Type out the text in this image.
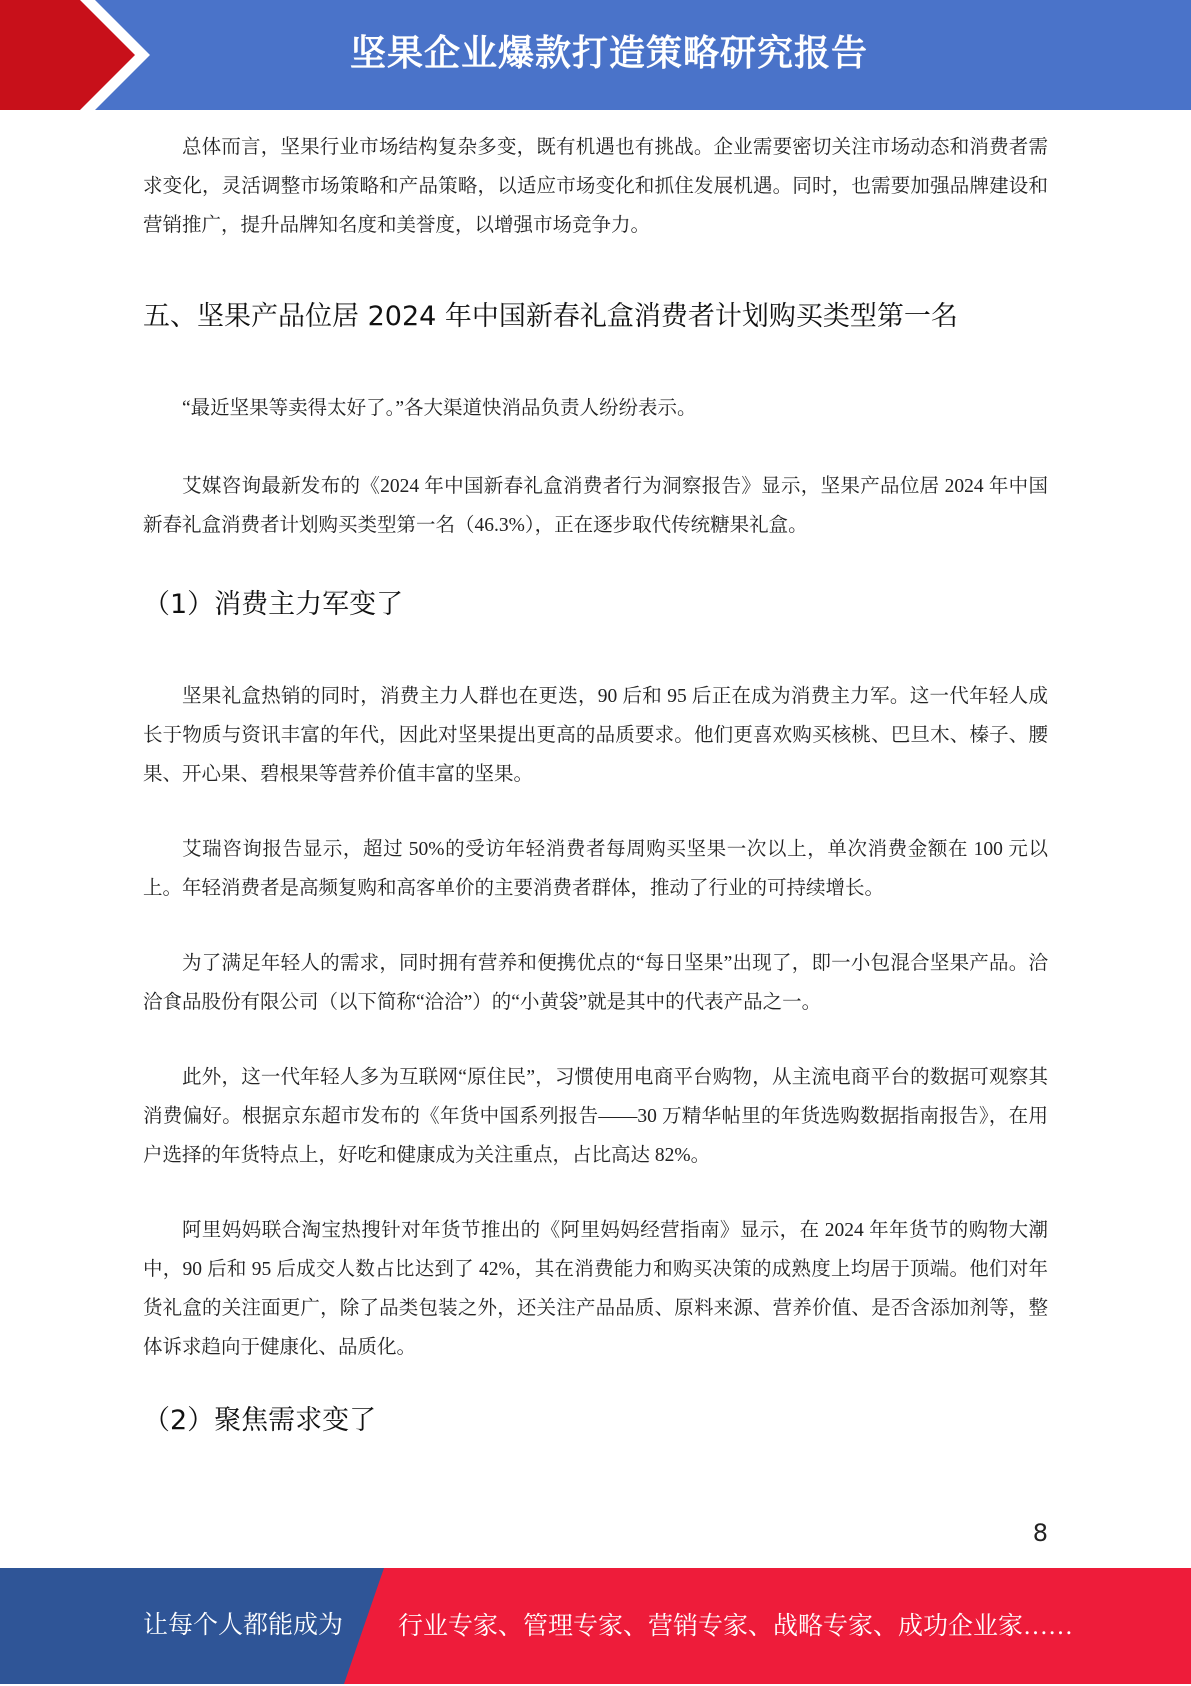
坚果企业爆款打造策略研究报告

总体而言，坚果行业市场结构复杂多变，既有机遇也有挑战。企业需要密切关注市场动态和消费者需求变化，灵活调整市场策略和产品策略，以适应市场变化和抓住发展机遇。同时，也需要加强品牌建设和营销推广，提升品牌知名度和美誉度，以增强市场竞争力。

五、坚果产品位居 2024 年中国新春礼盒消费者计划购买类型第一名

“最近坚果等卖得太好了。”各大渠道快消品负责人纷纷表示。

艾媒咨询最新发布的《2024 年中国新春礼盒消费者行为洞察报告》显示，坚果产品位居 2024 年中国新春礼盒消费者计划购买类型第一名（46.3%），正在逐步取代传统糖果礼盒。

（1）消费主力军变了

坚果礼盒热销的同时，消费主力人群也在更迭，90 后和 95 后正在成为消费主力军。这一代年轻人成长于物质与资讯丰富的年代，因此对坚果提出更高的品质要求。他们更喜欢购买核桃、巴旦木、榛子、腰果、开心果、碧根果等营养价值丰富的坚果。

艾瑞咨询报告显示，超过 50%的受访年轻消费者每周购买坚果一次以上，单次消费金额在 100 元以上。年轻消费者是高频复购和高客单价的主要消费者群体，推动了行业的可持续增长。

为了满足年轻人的需求，同时拥有营养和便携优点的“每日坚果”出现了，即一小包混合坚果产品。洽洽食品股份有限公司（以下简称“洽洽”）的“小黄袋”就是其中的代表产品之一。

此外，这一代年轻人多为互联网“原住民”，习惯使用电商平台购物，从主流电商平台的数据可观察其消费偏好。根据京东超市发布的《年货中国系列报告——30 万精华帖里的年货选购数据指南报告》，在用户选择的年货特点上，好吃和健康成为关注重点，占比高达 82%。

阿里妈妈联合淘宝热搜针对年货节推出的《阿里妈妈经营指南》显示，在 2024 年年货节的购物大潮中，90 后和 95 后成交人数占比达到了 42%，其在消费能力和购买决策的成熟度上均居于顶端。他们对年货礼盒的关注面更广，除了品类包装之外，还关注产品品质、原料来源、营养价值、是否含添加剂等，整体诉求趋向于健康化、品质化。

（2）聚焦需求变了
8
让每个人都能成为 行业专家、管理专家、营销专家、战略专家、成功企业家……
